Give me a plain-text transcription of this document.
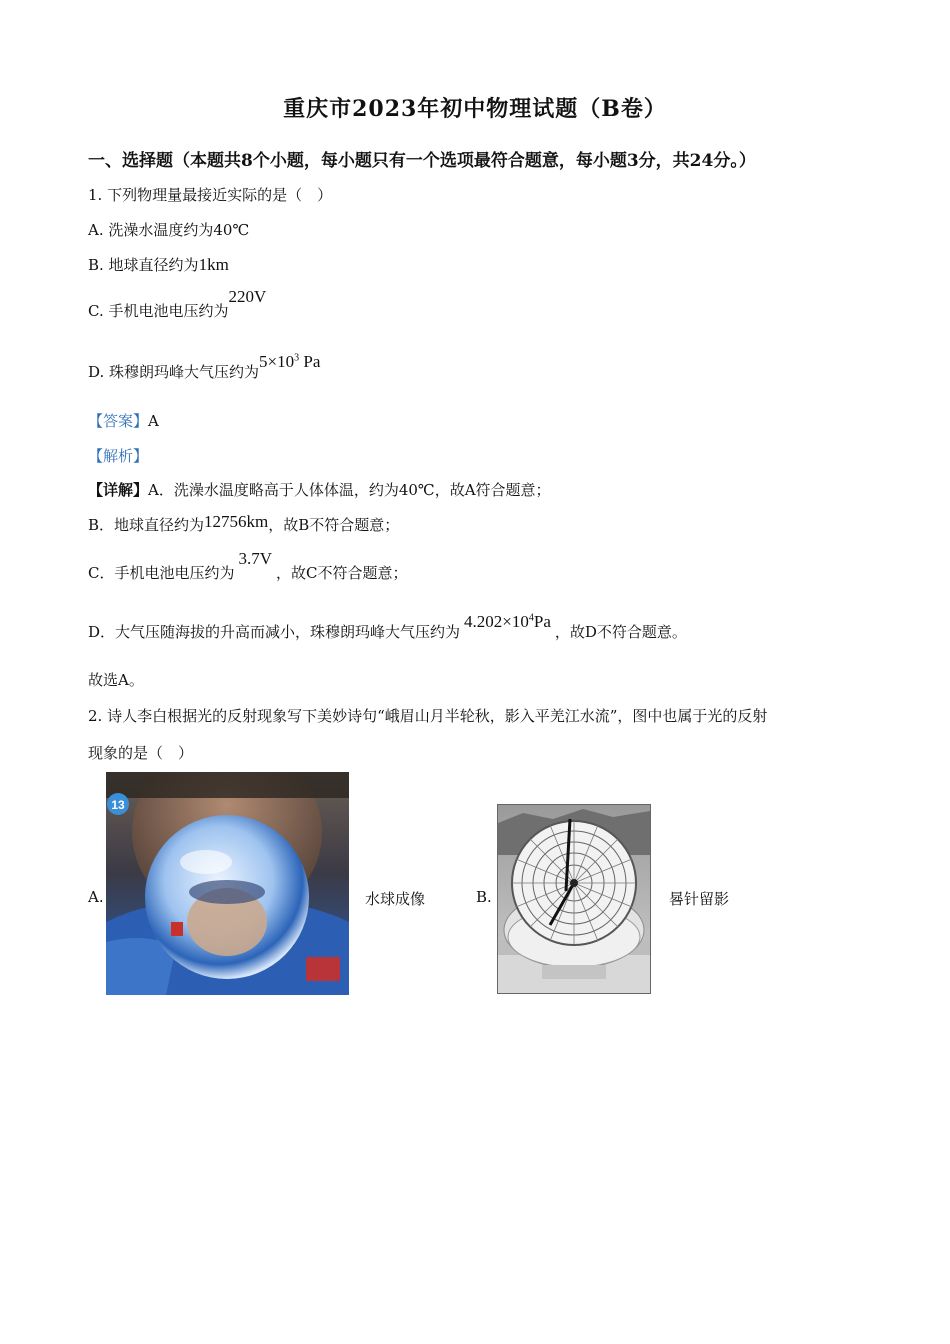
重庆市2023年初中物理试题（B卷）
一、选择题（本题共8个小题，每小题只有一个选项最符合题意，每小题3分，共24分。）
1. 下列物理量最接近实际的是（　）
A. 洗澡水温度约为40℃
B. 地球直径约为1km
C. 手机电池电压约为220V
D. 珠穆朗玛峰大气压约为$5\times 10^3$ Pa
【答案】A
【解析】
【详解】A．洗澡水温度略高于人体体温，约为40℃，故A符合题意；
B．地球直径约为12756km，故B不符合题意；
C．手机电池电压约为3.7V，故C不符合题意；
D．大气压随海拔的升高而减小，珠穆朗玛峰大气压约为$4.202\times 10^4Pa$，故D不符合题意。
故选A。
2. 诗人李白根据光的反射现象写下美妙诗句“峨眉山月半轮秋，影入平羌江水流”，图中也属于光的反射
现象的是（　）
A.
13
水球成像	B.	晷针留影
